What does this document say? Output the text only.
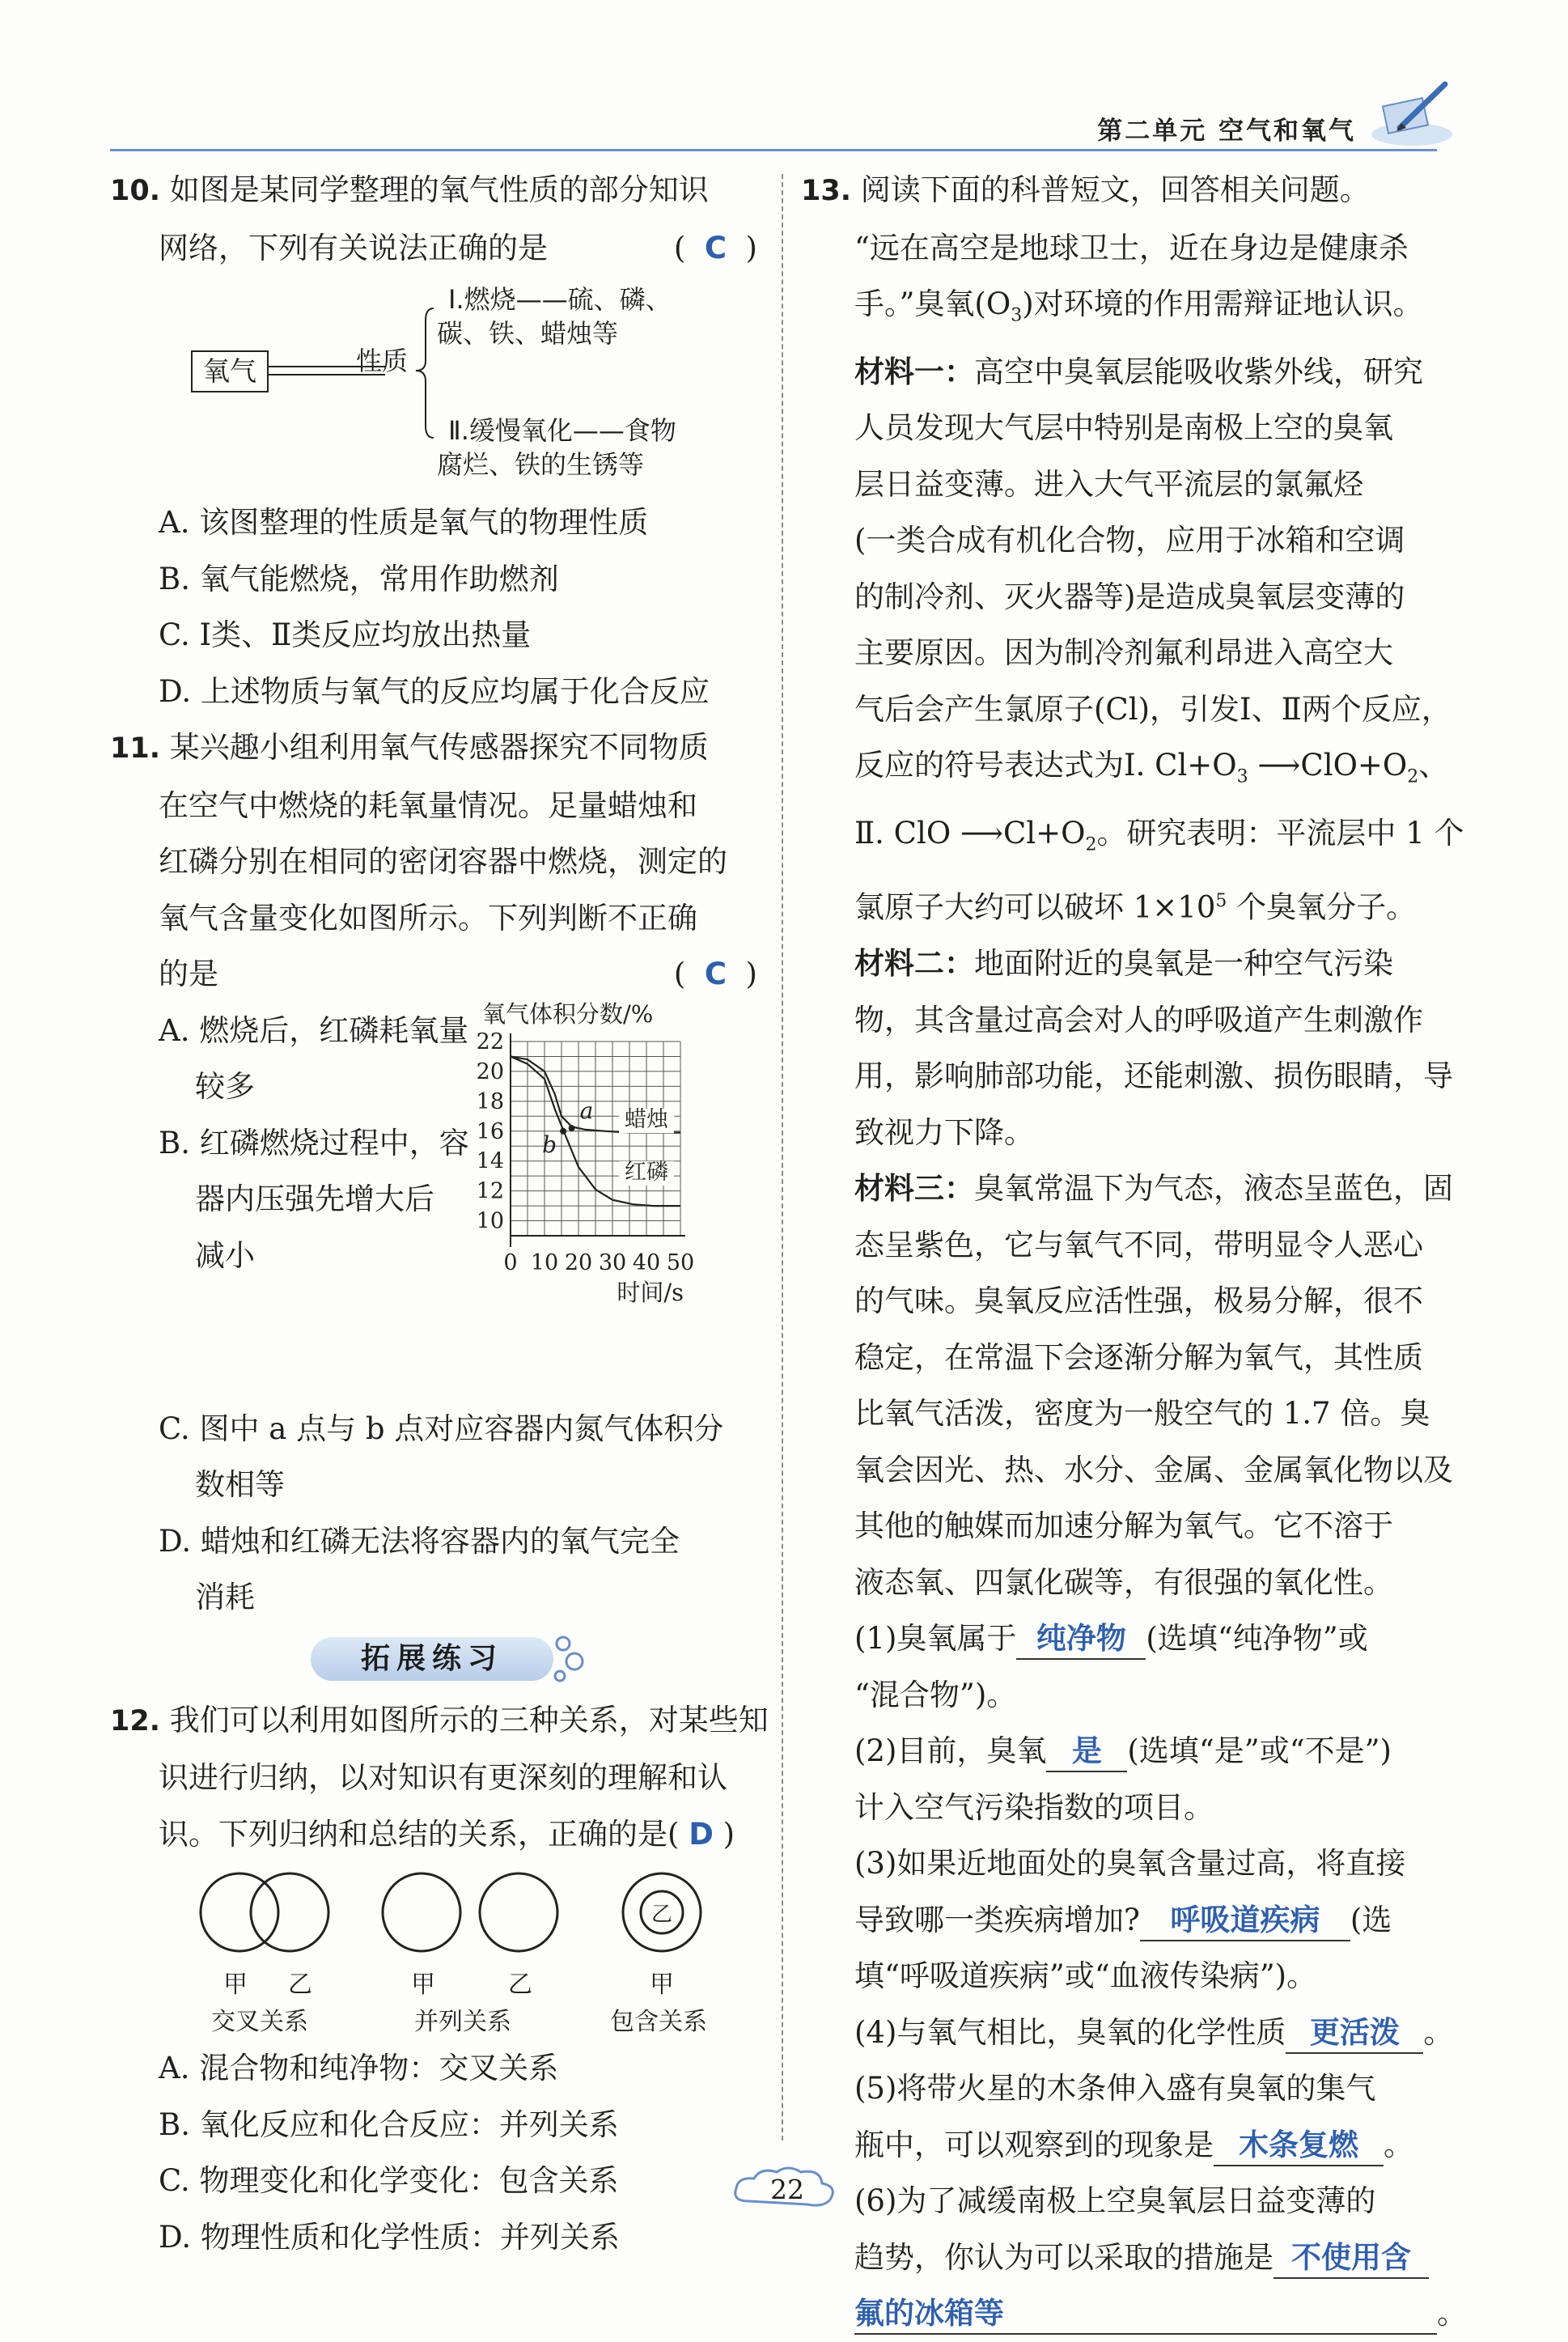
第二单元 空气和氧气
10. 如图是某同学整理的氧气性质的部分知识
网络，下列有关说法正确的是	(  C  )
氧气	性质
Ⅰ.燃烧——硫、磷、
碳、铁、蜡烛等
Ⅱ.缓慢氧化——食物
腐烂、铁的生锈等
A. 该图整理的性质是氧气的物理性质
B. 氧气能燃烧，常用作助燃剂
C. Ⅰ类、Ⅱ类反应均放出热量
D. 上述物质与氧气的反应均属于化合反应
11. 某兴趣小组利用氧气传感器探究不同物质
在空气中燃烧的耗氧量情况。足量蜡烛和
红磷分别在相同的密闭容器中燃烧，测定的
氧气含量变化如图所示。下列判断不正确
的是	(  C  )
A. 燃烧后，红磷耗氧量
较多
B. 红磷燃烧过程中，容
器内压强先增大后
减小
10
12
14
16
18
20
22
0 10 20 30 40 50
氧气体积分数/%
时间/s
蜡烛
红磷
a
b
C. 图中 a 点与 b 点对应容器内氮气体积分
数相等
D. 蜡烛和红磷无法将容器内的氧气完全
消耗
拓展练习
12. 我们可以利用如图所示的三种关系，对某些知
识进行归纳，以对知识有更深刻的理解和认
识。下列归纳和总结的关系，正确的是( D )
乙
甲 乙	甲	乙	甲
交叉关系	并列关系	包含关系
A. 混合物和纯净物：交叉关系
B. 氧化反应和化合反应：并列关系
C. 物理变化和化学变化：包含关系
D. 物理性质和化学性质：并列关系
13. 阅读下面的科普短文，回答相关问题。
“远在高空是地球卫士，近在身边是健康杀
手。”臭氧$(O_3)$对环境的作用需辩证地认识。
材料一：高空中臭氧层能吸收紫外线，研究
人员发现大气层中特别是南极上空的臭氧
层日益变薄。进入大气平流层的氯氟烃
(一类合成有机化合物，应用于冰箱和空调
的制冷剂、灭火器等)是造成臭氧层变薄的
主要原因。因为制冷剂氟利昂进入高空大
气后会产生氯原子(Cl)，引发Ⅰ、Ⅱ两个反应，
反应的符号表达式为Ⅰ. $Cl+O_3$ $⟶ClO+O_2$、
Ⅱ. ClO $⟶Cl+O_2$。研究表明：平流层中 1 个
氯原子大约可以破坏 $1\times 10^5$ 个臭氧分子。
材料二：地面附近的臭氧是一种空气污染
物，其含量过高会对人的呼吸道产生刺激作
用，影响肺部功能，还能刺激、损伤眼睛，导
致视力下降。
材料三：臭氧常温下为气态，液态呈蓝色，固
态呈紫色，它与氧气不同，带明显令人恶心
的气味。臭氧反应活性强，极易分解，很不
稳定，在常温下会逐渐分解为氧气，其性质
比氧气活泼，密度为一般空气的 1.7 倍。臭
氧会因光、热、水分、金属、金属氧化物以及
其他的触媒而加速分解为氧气。它不溶于
液态氧、四氯化碳等，有很强的氧化性。
(1)臭氧属于 纯净物 (选填“纯净物”或
“混合物”)。
(2)目前，臭氧 是 (选填“是”或“不是”)
计入空气污染指数的项目。
(3)如果近地面处的臭氧含量过高，将直接
导致哪一类疾病增加? 呼吸道疾病 (选
填“呼吸道疾病”或“血液传染病”)。
(4)与氧气相比，臭氧的化学性质 更活泼 。
(5)将带火星的木条伸入盛有臭氧的集气
瓶中，可以观察到的现象是 木条复燃 。
(6)为了减缓南极上空臭氧层日益变薄的
趋势，你认为可以采取的措施是 不使用含
氟的冰箱等	。
22
